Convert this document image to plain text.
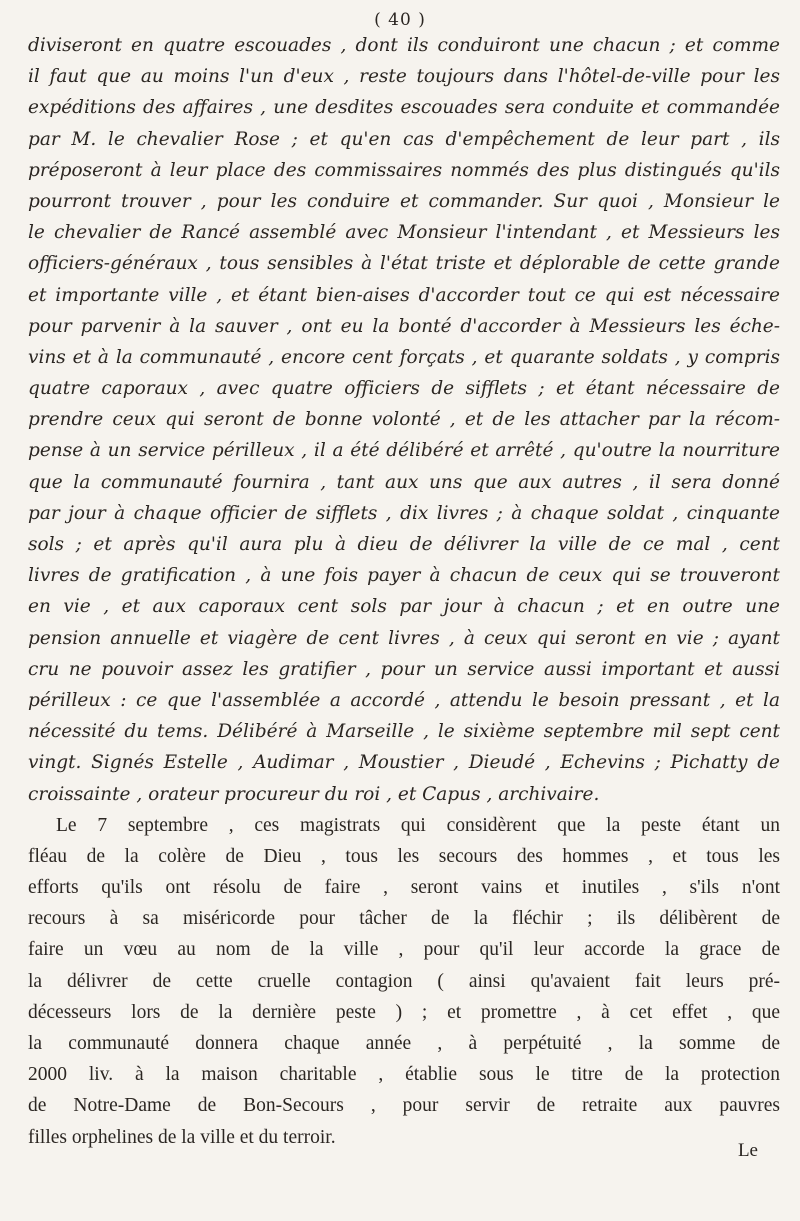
( 40 )
diviseront en quatre escouades , dont ils conduiront une chacun ; et comme
il faut que au moins l'un d'eux , reste toujours dans l'hôtel-de-ville pour les
expéditions des affaires , une desdites escouades sera conduite et commandée
par M. le chevalier Rose ; et qu'en cas d'empêchement de leur part , ils
préposeront à leur place des commissaires nommés des plus distingués qu'ils
pourront trouver , pour les conduire et commander. Sur quoi , Monsieur le
le chevalier de Rancé assemblé avec Monsieur l'intendant , et Messieurs les
officiers-généraux , tous sensibles à l'état triste et déplorable de cette grande
et importante ville , et étant bien-aises d'accorder tout ce qui est nécessaire
pour parvenir à la sauver , ont eu la bonté d'accorder à Messieurs les éche-
vins et à la communauté , encore cent forçats , et quarante soldats , y compris
quatre caporaux , avec quatre officiers de sifflets ; et étant nécessaire de
prendre ceux qui seront de bonne volonté , et de les attacher par la récom-
pense à un service périlleux , il a été délibéré et arrêté , qu'outre la nourriture
que la communauté fournira , tant aux uns que aux autres , il sera donné
par jour à chaque officier de sifflets , dix livres ; à chaque soldat , cinquante
sols ; et après qu'il aura plu à dieu de délivrer la ville de ce mal , cent
livres de gratification , à une fois payer à chacun de ceux qui se trouveront
en vie , et aux caporaux cent sols par jour à chacun ; et en outre une
pension annuelle et viagère de cent livres , à ceux qui seront en vie ; ayant
cru ne pouvoir assez les gratifier , pour un service aussi important et aussi
périlleux : ce que l'assemblée a accordé , attendu le besoin pressant , et la
nécessité du tems. Délibéré à Marseille , le sixième septembre mil sept cent
vingt. Signés Estelle , Audimar , Moustier , Dieudé , Echevins ; Pichatty de
croissainte , orateur procureur du roi , et Capus , archivaire.
Le 7 septembre , ces magistrats qui considèrent que la peste étant un
fléau de la colère de Dieu , tous les secours des hommes , et tous les
efforts qu'ils ont résolu de faire , seront vains et inutiles , s'ils n'ont
recours à sa miséricorde pour tâcher de la fléchir ; ils délibèrent de
faire un vœu au nom de la ville , pour qu'il leur accorde la grace de
la délivrer de cette cruelle contagion ( ainsi qu'avaient fait leurs pré-
décesseurs lors de la dernière peste ) ; et promettre , à cet effet , que
la communauté donnera chaque année , à perpétuité , la somme de
2000 liv. à la maison charitable , établie sous le titre de la protection
de Notre-Dame de Bon-Secours , pour servir de retraite aux pauvres
filles orphelines de la ville et du terroir.
Le
